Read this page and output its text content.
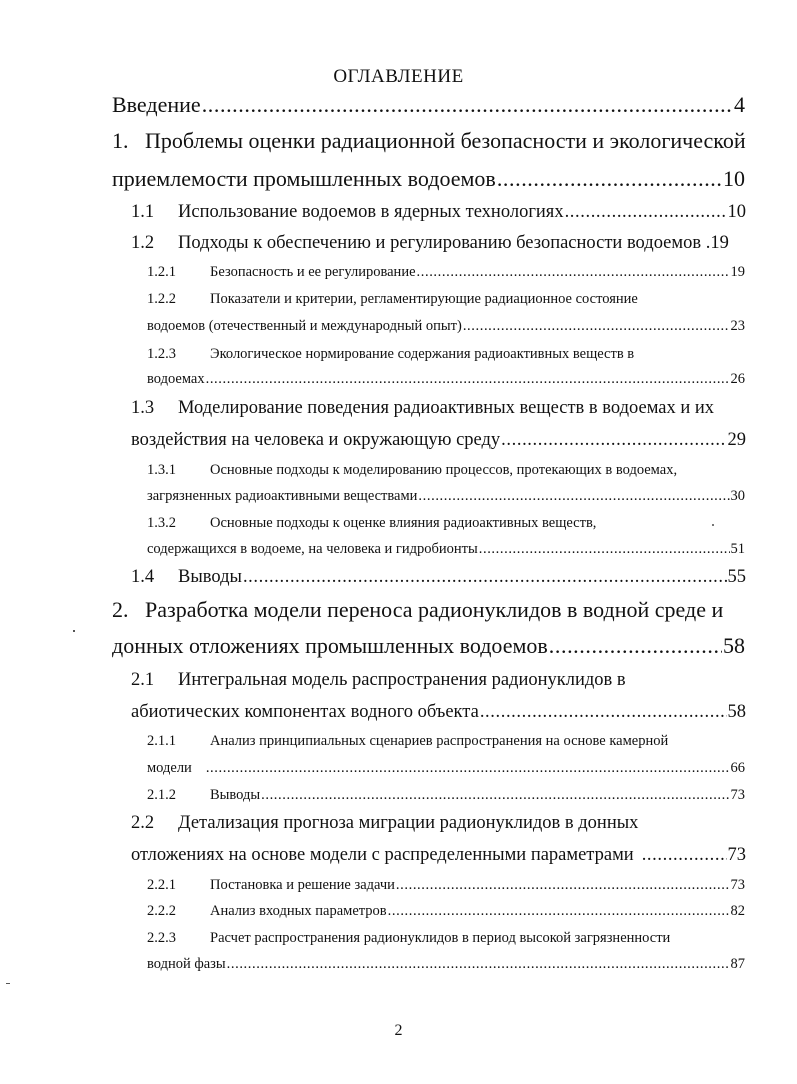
ОГЛАВЛЕНИЕ
Введение .....	4
1. Проблемы оценки радиационной безопасности и экологической
приемлемости промышленных водоемов .....	10
1.1	Использование водоемов в ядерных технологиях .....	10
1.2 Подходы к обеспечению и регулированию безопасности водоемов .19
1.2.1	Безопасность и ее регулирование .....	19
1.2.2 Показатели и критерии, регламентирующие радиационное состояние
водоемов (отечественный и международный опыт) .....	23
1.2.3 Экологическое нормирование содержания радиоактивных веществ в
водоемах .....	26
1.3 Моделирование поведения радиоактивных веществ в водоемах и их
воздействия на человека и окружающую среду .....	29
1.3.1 Основные подходы к моделированию процессов, протекающих в водоемах,
загрязненных радиоактивными веществами .....	30
1.3.2 Основные подходы к оценке влияния радиоактивных веществ,
содержащихся в водоеме, на человека и гидробионты .....	51
1.4	Выводы .....	55
2. Разработка модели переноса радионуклидов в водной среде и
донных отложениях промышленных водоемов .....	58
2.1 Интегральная модель распространения радионуклидов в
абиотических компонентах водного объекта .....	58
2.1.1 Анализ принципиальных сценариев распространения на основе камерной
модели .....	66
2.1.2	Выводы .....	73
2.2 Детализация прогноза миграции радионуклидов в донных
отложениях на основе модели с распределенными параметрами .....	73
2.2.1	Постановка и решение задачи .....	73
2.2.2	Анализ входных параметров .....	82
2.2.3 Расчет распространения радионуклидов в период высокой загрязненности
водной фазы .....	87
2
